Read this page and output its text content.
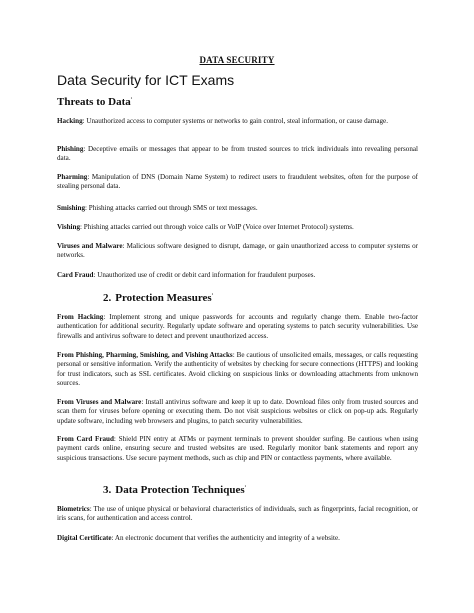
DATA SECURITY
Data Security for ICT Exams
Threats to Data$^{^1}$
Hacking: Unauthorized access to computer systems or networks to gain control, steal information, or cause damage.
Phishing: Deceptive emails or messages that appear to be from trusted sources to trick individuals into revealing personal data.
Pharming: Manipulation of DNS (Domain Name System) to redirect users to fraudulent websites, often for the purpose of stealing personal data.
Smishing: Phishing attacks carried out through SMS or text messages.
Vishing: Phishing attacks carried out through voice calls or VoIP (Voice over Internet Protocol) systems.
Viruses and Malware: Malicious software designed to disrupt, damage, or gain unauthorized access to computer systems or networks.
Card Fraud: Unauthorized use of credit or debit card information for fraudulent purposes.
2. Protection Measures$^{^1}$
From Hacking: Implement strong and unique passwords for accounts and regularly change them. Enable two-factor authentication for additional security. Regularly update software and operating systems to patch security vulnerabilities. Use firewalls and antivirus software to detect and prevent unauthorized access.
From Phishing, Pharming, Smishing, and Vishing Attacks: Be cautious of unsolicited emails, messages, or calls requesting personal or sensitive information. Verify the authenticity of websites by checking for secure connections (HTTPS) and looking for trust indicators, such as SSL certificates. Avoid clicking on suspicious links or downloading attachments from unknown sources.
From Viruses and Malware: Install antivirus software and keep it up to date. Download files only from trusted sources and scan them for viruses before opening or executing them. Do not visit suspicious websites or click on pop-up ads. Regularly update software, including web browsers and plugins, to patch security vulnerabilities.
From Card Fraud: Shield PIN entry at ATMs or payment terminals to prevent shoulder surfing. Be cautious when using payment cards online, ensuring secure and trusted websites are used. Regularly monitor bank statements and report any suspicious transactions. Use secure payment methods, such as chip and PIN or contactless payments, where available.
3. Data Protection Techniques$^{^1}$
Biometrics: The use of unique physical or behavioral characteristics of individuals, such as fingerprints, facial recognition, or iris scans, for authentication and access control.
Digital Certificate: An electronic document that verifies the authenticity and integrity of a website.
